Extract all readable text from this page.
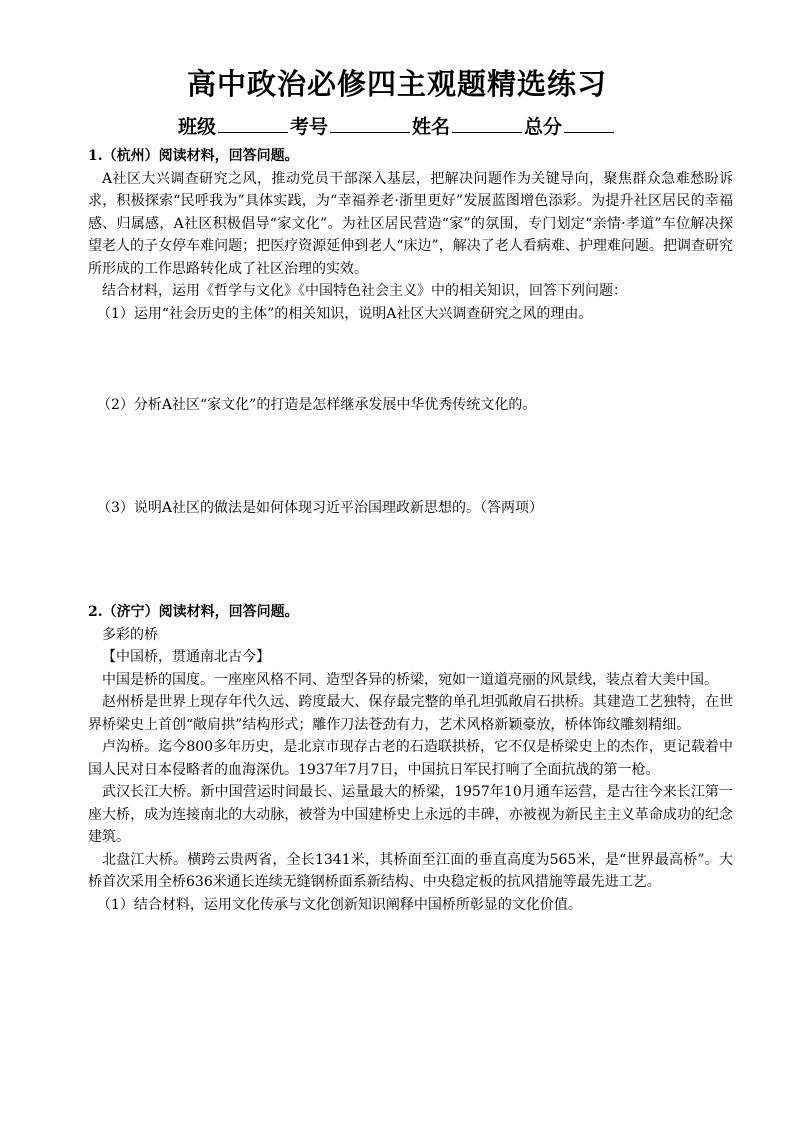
高中政治必修四主观题精选练习
班级	考号	姓名	总分

1.（杭州）阅读材料，回答问题。

A社区大兴调查研究之风，推动党员干部深入基层，把解决问题作为关键导向，聚焦群众急难愁盼诉求，积极探索“民呼我为”具体实践，为“幸福养老·浙里更好”发展蓝图增色添彩。为提升社区居民的幸福感、归属感，A社区积极倡导“家文化”。为社区居民营造“家”的氛围，专门划定“亲情·孝道”车位解决探望老人的子女停车难问题；把医疗资源延伸到老人“床边”，解决了老人看病难、护理难问题。把调查研究所形成的工作思路转化成了社区治理的实效。

结合材料，运用《哲学与文化》《中国特色社会主义》中的相关知识，回答下列问题：

（1）运用“社会历史的主体”的相关知识，说明A社区大兴调查研究之风的理由。

（2）分析A社区“家文化”的打造是怎样继承发展中华优秀传统文化的。

（3）说明A社区的做法是如何体现习近平治国理政新思想的。（答两项）

2.（济宁）阅读材料，回答问题。

多彩的桥

【中国桥，贯通南北古今】

中国是桥的国度。一座座风格不同、造型各异的桥梁，宛如一道道亮丽的风景线，装点着大美中国。

赵州桥是世界上现存年代久远、跨度最大、保存最完整的单孔坦弧敞肩石拱桥。其建造工艺独特，在世界桥梁史上首创“敞肩拱”结构形式；雕作刀法苍劲有力，艺术风格新颖豪放，桥体饰纹雕刻精细。

卢沟桥。迄今800多年历史，是北京市现存古老的石造联拱桥，它不仅是桥梁史上的杰作，更记载着中国人民对日本侵略者的血海深仇。1937年7月7日，中国抗日军民打响了全面抗战的第一枪。

武汉长江大桥。新中国营运时间最长、运量最大的桥梁，1957年10月通车运营，是古往今来长江第一座大桥，成为连接南北的大动脉，被誉为中国建桥史上永远的丰碑，亦被视为新民主主义革命成功的纪念建筑。

北盘江大桥。横跨云贵两省，全长1341米，其桥面至江面的垂直高度为565米，是“世界最高桥”。大桥首次采用全桥636米通长连续无缝钢桥面系新结构、中央稳定板的抗风措施等最先进工艺。

（1）结合材料，运用文化传承与文化创新知识阐释中国桥所彰显的文化价值。
